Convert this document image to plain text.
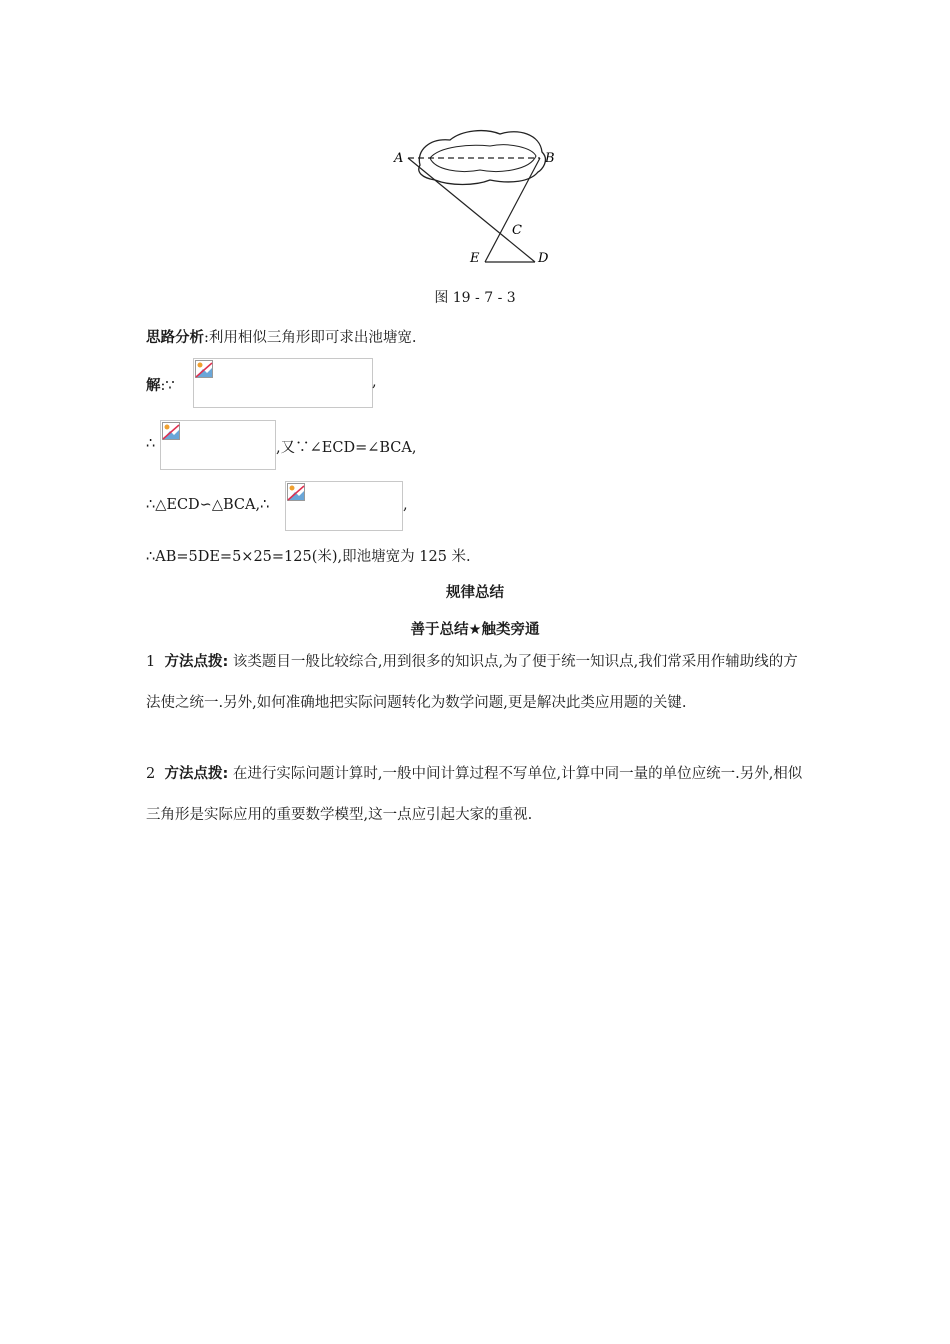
A	B
C
E	D
图 19 - 7 - 3
思路分析:利用相似三角形即可求出池塘宽.
解:∵	,
∴	,又∵∠ECD=∠BCA,
∴△ECD∽△BCA,∴	,
∴AB=5DE=5×25=125(米),即池塘宽为 125 米.
规律总结
善于总结★触类旁通
1 方法点拨: 该类题目一般比较综合,用到很多的知识点,为了便于统一知识点,我们常采用作辅助线的方法使之统一.另外,如何准确地把实际问题转化为数学问题,更是解决此类应用题的关键.
2 方法点拨: 在进行实际问题计算时,一般中间计算过程不写单位,计算中同一量的单位应统一.另外,相似三角形是实际应用的重要数学模型,这一点应引起大家的重视.
